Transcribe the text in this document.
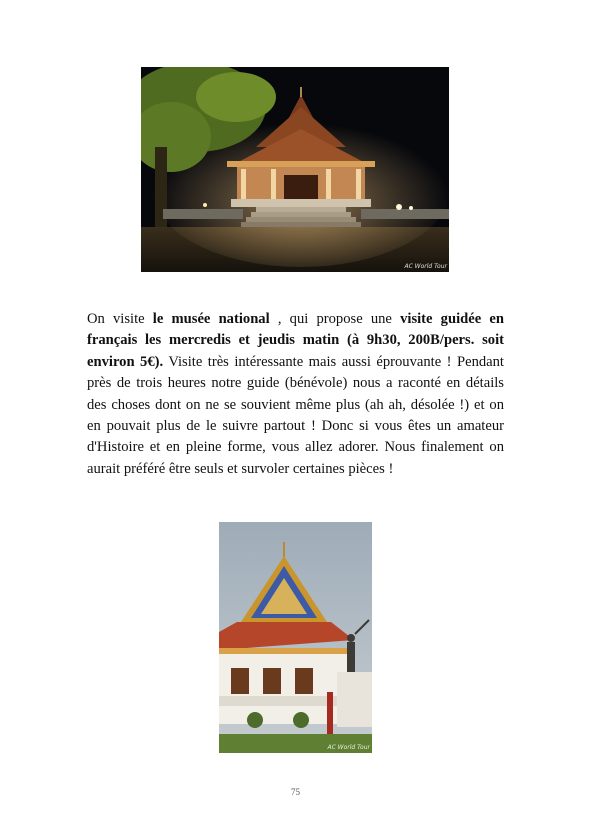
AC World Tour

On visite le musée national , qui propose une visite guidée en français les mercredis et jeudis matin (à 9h30, 200B/pers. soit environ 5€). Visite très intéressante mais aussi éprouvante ! Pendant près de trois heures notre guide (bénévole) nous a raconté en détails des choses dont on ne se souvient même plus (ah ah, désolée !) et on en pouvait plus de le suivre partout ! Donc si vous êtes un amateur d'Histoire et en pleine forme, vous allez adorer. Nous finalement on aurait préféré être seuls et survoler certaines pièces !

AC World Tour
75
